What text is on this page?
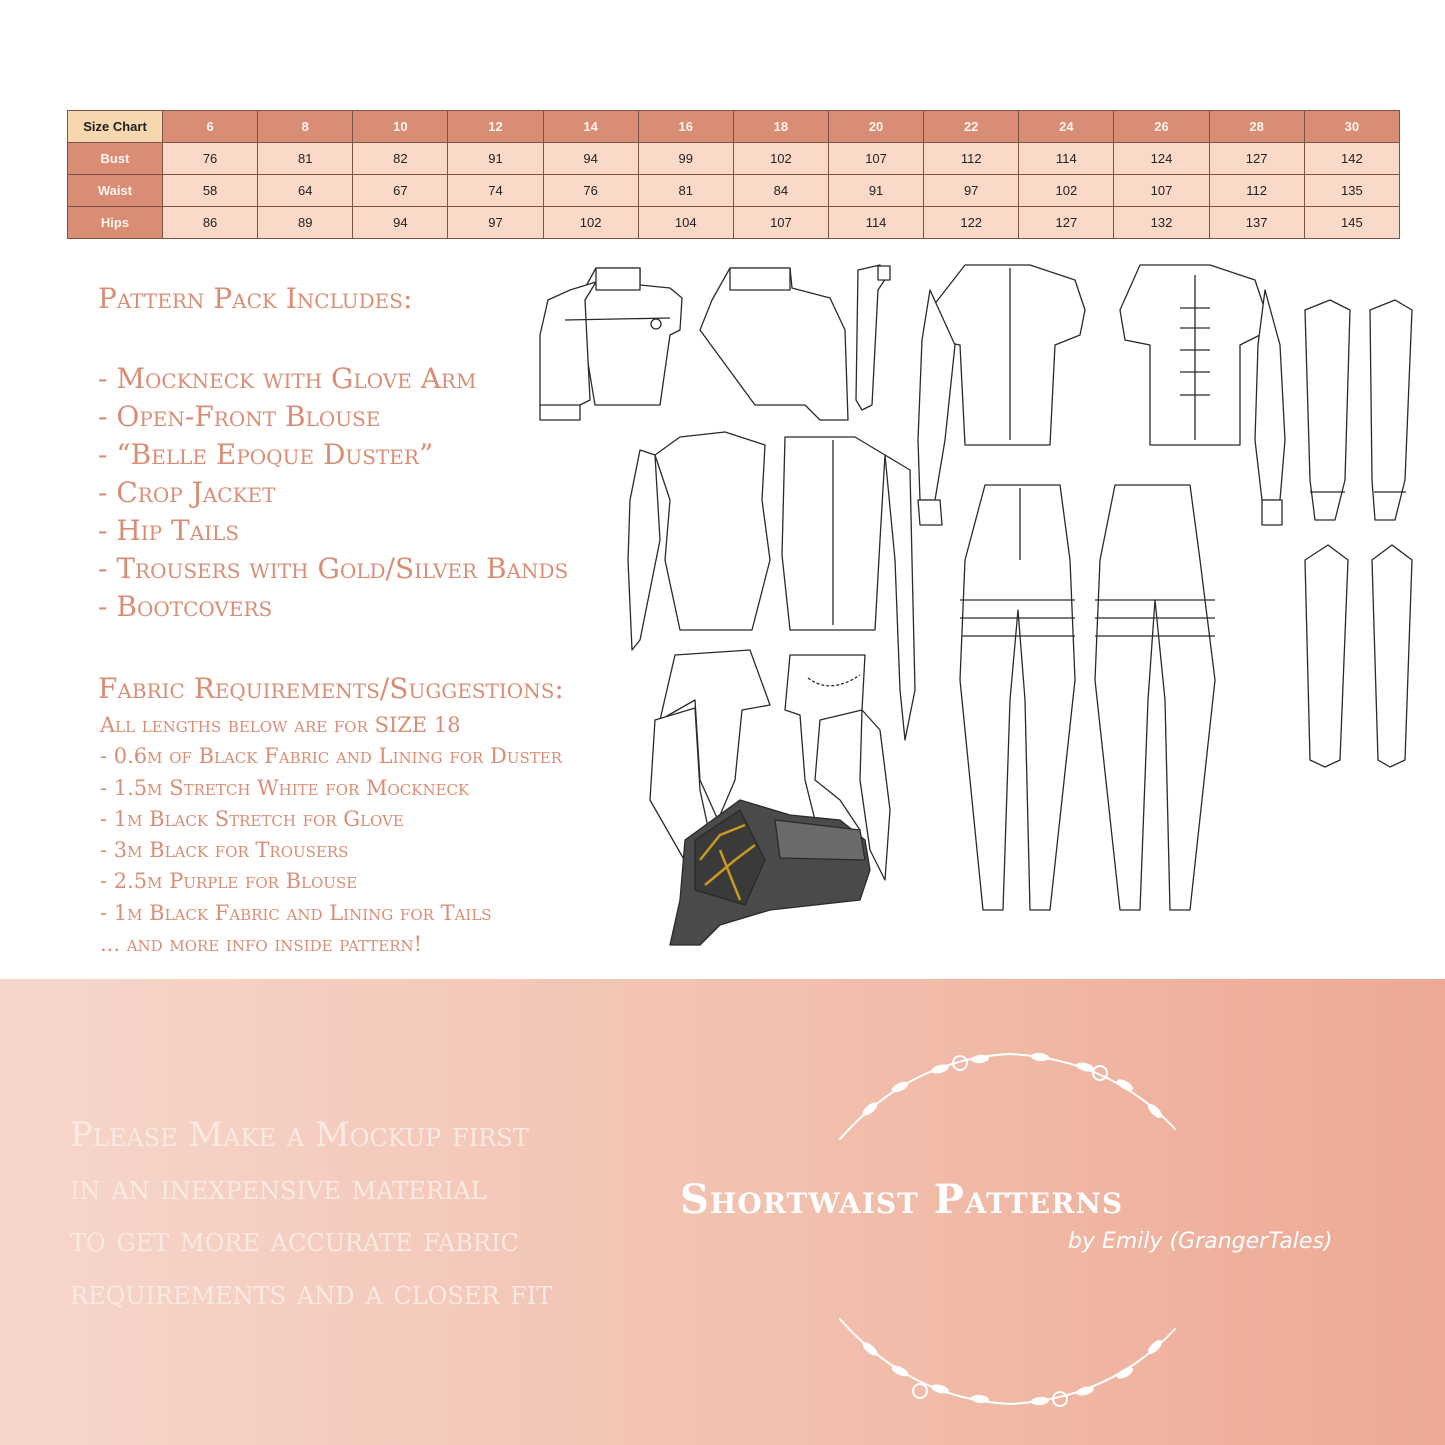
Size Chart	6	8	10	12	14	16	18	20	22	24	26	28	30
Bust	76	81	82	91	94	99	102	107	112	114	124	127	142
Waist	58	64	67	74	76	81	84	91	97	102	107	112	135
Hips	86	89	94	97	102	104	107	114	122	127	132	137	145
Pattern Pack Includes:
- Mockneck with Glove Arm
- Open-Front Blouse
- “Belle Epoque Duster”
- Crop Jacket
- Hip Tails
- Trousers with Gold/Silver Bands
- Bootcovers
Fabric Requirements/Suggestions:
All lengths below are for SIZE 18
- 0.6m of Black Fabric and Lining for Duster
- 1.5m Stretch White for Mockneck
- 1m Black Stretch for Glove
- 3m Black for Trousers
- 2.5m Purple for Blouse
- 1m Black Fabric and Lining for Tails
... and more info inside pattern!
Please Make a Mockup first
in an inexpensive material
to get more accurate fabric
requirements and a closer fit
Shortwaist Patterns
by Emily (GrangerTales)
